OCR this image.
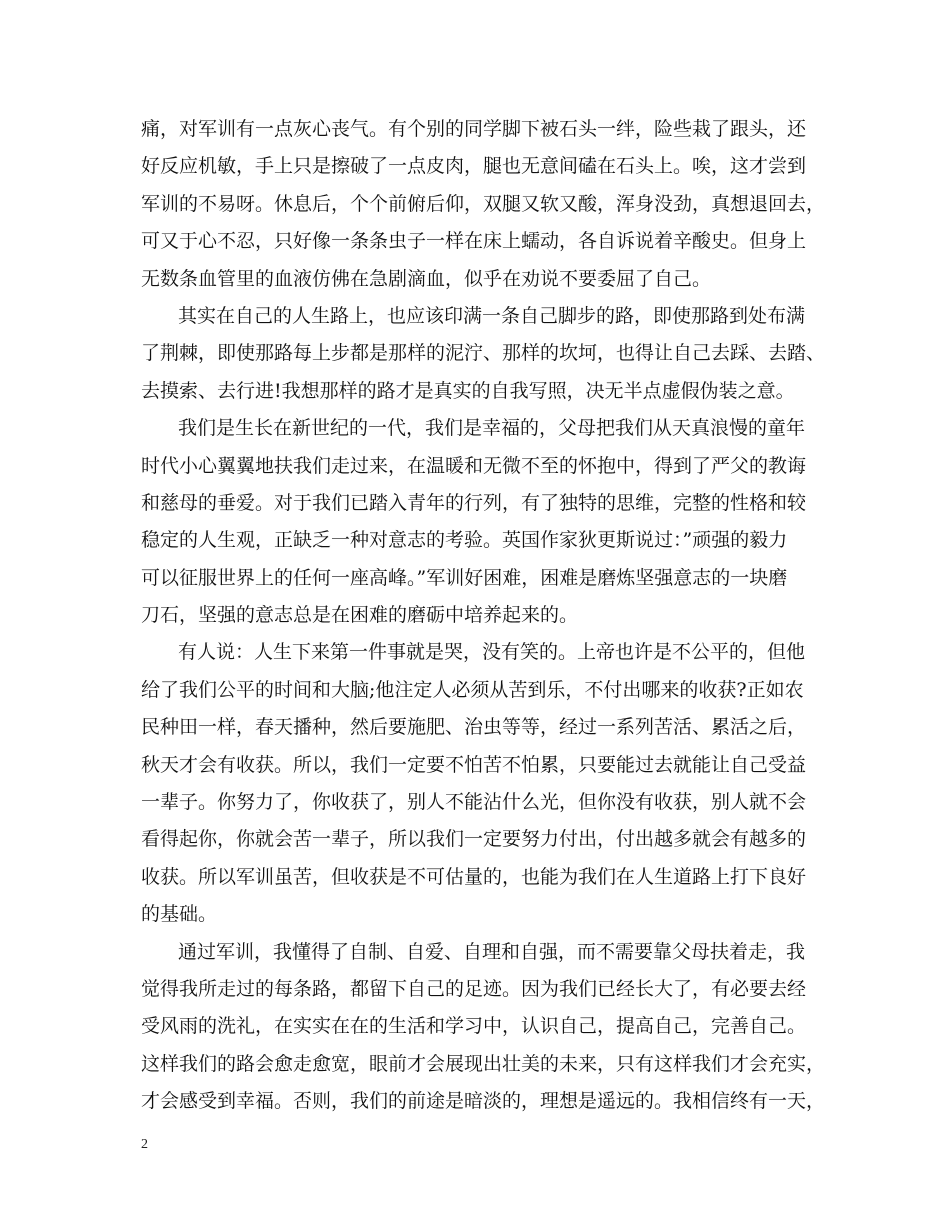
痛，对军训有一点灰心丧气。有个别的同学脚下被石头一绊，险些栽了跟头，还
好反应机敏，手上只是擦破了一点皮肉，腿也无意间磕在石头上。唉，这才尝到
军训的不易呀。休息后，个个前俯后仰，双腿又软又酸，浑身没劲，真想退回去，
可又于心不忍，只好像一条条虫子一样在床上蠕动，各自诉说着辛酸史。但身上
无数条血管里的血液仿佛在急剧滴血，似乎在劝说不要委屈了自己。
其实在自己的人生路上，也应该印满一条自己脚步的路，即使那路到处布满
了荆棘，即使那路每上步都是那样的泥泞、那样的坎坷，也得让自己去踩、去踏、
去摸索、去行进!我想那样的路才是真实的自我写照，决无半点虚假伪装之意。
我们是生长在新世纪的一代，我们是幸福的，父母把我们从天真浪慢的童年
时代小心翼翼地扶我们走过来，在温暖和无微不至的怀抱中，得到了严父的教诲
和慈母的垂爱。对于我们已踏入青年的行列，有了独特的思维，完整的性格和较
稳定的人生观，正缺乏一种对意志的考验。英国作家狄更斯说过：”顽强的毅力
可以征服世界上的任何一座高峰。”军训好困难，困难是磨炼坚强意志的一块磨
刀石，坚强的意志总是在困难的磨砺中培养起来的。
有人说：人生下来第一件事就是哭，没有笑的。上帝也许是不公平的，但他
给了我们公平的时间和大脑;他注定人必须从苦到乐，不付出哪来的收获?正如农
民种田一样，春天播种，然后要施肥、治虫等等，经过一系列苦活、累活之后，
秋天才会有收获。所以，我们一定要不怕苦不怕累，只要能过去就能让自己受益
一辈子。你努力了，你收获了，别人不能沾什么光，但你没有收获，别人就不会
看得起你，你就会苦一辈子，所以我们一定要努力付出，付出越多就会有越多的
收获。所以军训虽苦，但收获是不可估量的，也能为我们在人生道路上打下良好
的基础。
通过军训，我懂得了自制、自爱、自理和自强，而不需要靠父母扶着走，我
觉得我所走过的每条路，都留下自己的足迹。因为我们已经长大了，有必要去经
受风雨的洗礼，在实实在在的生活和学习中，认识自己，提高自己，完善自己。
这样我们的路会愈走愈宽，眼前才会展现出壮美的未来，只有这样我们才会充实，
才会感受到幸福。否则，我们的前途是暗淡的，理想是遥远的。我相信终有一天，
2
